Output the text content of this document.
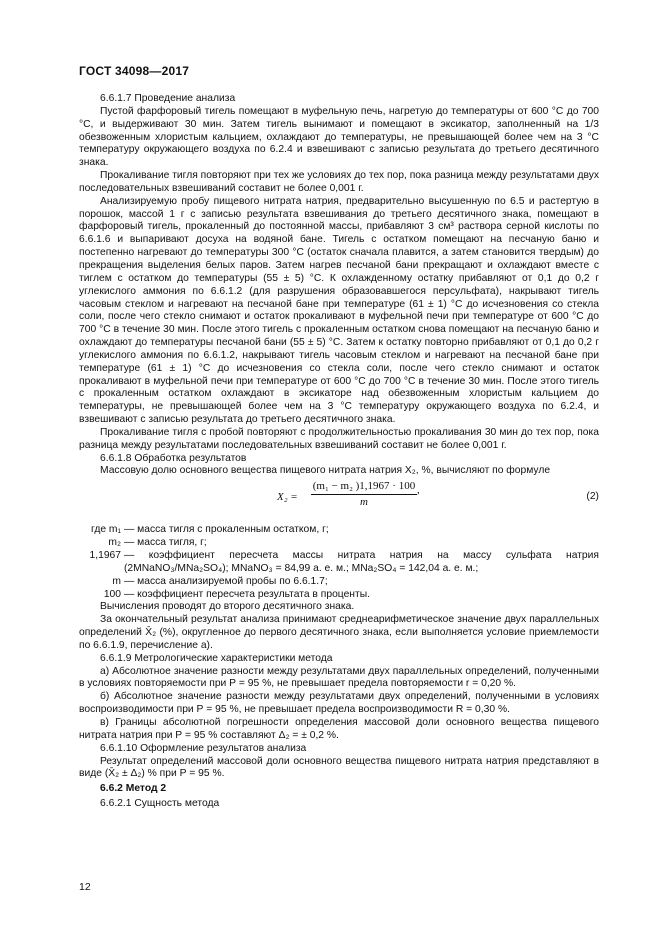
ГОСТ 34098—2017

6.6.1.7 Проведение анализа

Пустой фарфоровый тигель помещают в муфельную печь, нагретую до температуры от 600 °С до 700 °С, и выдерживают 30 мин. Затем тигель вынимают и помещают в эксикатор, заполненный на 1/3 обезвоженным хлористым кальцием, охлаждают до температуры, не превышающей более чем на 3 °С температуру окружающего воздуха по 6.2.4 и взвешивают с записью результата до третьего десятичного знака.

Прокаливание тигля повторяют при тех же условиях до тех пор, пока разница между результатами двух последовательных взвешиваний составит не более 0,001 г.

Анализируемую пробу пищевого нитрата натрия, предварительно высушенную по 6.5 и растертую в порошок, массой 1 г с записью результата взвешивания до третьего десятичного знака, помещают в фарфоровый тигель, прокаленный до постоянной массы, прибавляют 3 см³ раствора серной кислоты по 6.6.1.6 и выпаривают досуха на водяной бане. Тигель с остатком помещают на песчаную баню и постепенно нагревают до температуры 300 °С (остаток сначала плавится, а затем становится твердым) до прекращения выделения белых паров. Затем нагрев песчаной бани прекращают и охлаждают вместе с тиглем с остатком до температуры (55 ± 5) °С. К охлажденному остатку прибавляют от 0,1 до 0,2 г углекислого аммония по 6.6.1.2 (для разрушения образовавшегося персульфата), накрывают тигель часовым стеклом и нагревают на песчаной бане при температуре (61 ± 1) °С до исчезновения со стекла соли, после чего стекло снимают и остаток прокаливают в муфельной печи при температуре от 600 °С до 700 °С в течение 30 мин. После этого тигель с прокаленным остатком снова помещают на песчаную баню и охлаждают до температуры песчаной бани (55 ± 5) °С. Затем к остатку повторно прибавляют от 0,1 до 0,2 г углекислого аммония по 6.6.1.2, накрывают тигель часовым стеклом и нагревают на песчаной бане при температуре (61 ± 1) °С до исчезновения со стекла соли, после чего стекло снимают и остаток прокаливают в муфельной печи при температуре от 600 °С до 700 °С в течение 30 мин. После этого тигель с прокаленным остатком охлаждают в эксикаторе над обезвоженным хлористым кальцием до температуры, не превышающей более чем на 3 °С температуру окружающего воздуха по 6.2.4, и взвешивают с записью результата до третьего десятичного знака.

Прокаливание тигля с пробой повторяют с продолжительностью прокаливания 30 мин до тех пор, пока разница между результатами последовательных взвешиваний составит не более 0,001 г.

6.6.1.8 Обработка результатов

Массовую долю основного вещества пищевого нитрата натрия X₂, %, вычисляют по формуле

$X_2 = \frac{\text{(m₁ − m₂ )1,1967 · 100}}{m}$ ,
(2)
где m₁ — масса тигля с прокаленным остатком, г;
m₂ — масса тигля, г;
1,1967 — коэффициент пересчета массы нитрата натрия на массу сульфата натрия (2MNaNO₃/MNa₂SO₄); MNaNO₃ = 84,99 а. е. м.; MNa₂SO₄ = 142,04 а. е. м.;
m — масса анализируемой пробы по 6.6.1.7;
100 — коэффициент пересчета результата в проценты.

Вычисления проводят до второго десятичного знака.

За окончательный результат анализа принимают среднеарифметическое значение двух параллельных определений X̄₂ (%), округленное до первого десятичного знака, если выполняется условие приемлемости по 6.6.1.9, перечисление а).

6.6.1.9 Метрологические характеристики метода

а) Абсолютное значение разности между результатами двух параллельных определений, полученными в условиях повторяемости при Р = 95 %, не превышает предела повторяемости r = 0,20 %.

б) Абсолютное значение разности между результатами двух определений, полученными в условиях воспроизводимости при Р = 95 %, не превышает предела воспроизводимости R = 0,30 %.

в) Границы абсолютной погрешности определения массовой доли основного вещества пищевого нитрата натрия при Р = 95 % составляют Δ₂ = ± 0,2 %.

6.6.1.10 Оформление результатов анализа

Результат определений массовой доли основного вещества пищевого нитрата натрия представляют в виде (X̄₂ ± Δ₂) % при Р = 95 %.

6.6.2 Метод 2

6.6.2.1 Сущность метода

12
